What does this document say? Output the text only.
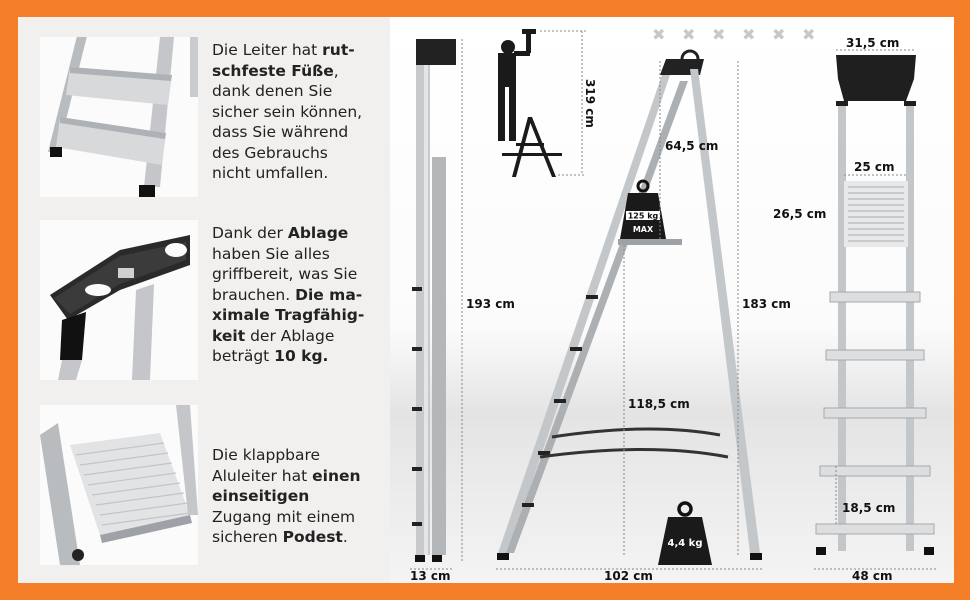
Die Leiter hat rut-
schfeste Füße,
dank denen Sie
sicher sein können,
dass Sie während
des Gebrauchs
nicht umfallen.
Dank der Ablage
haben Sie alles
griffbereit, was Sie
brauchen. Die ma-
ximale Tragfähig-
keit der Ablage
beträgt 10 kg.
Die klappbare
Aluleiter hat einen
einseitigen
Zugang mit einem
sicheren Podest.
✖ ✖ ✖ ✖ ✖ ✖
193 cm
13 cm
319 cm
125 kg
MAX
64,5 cm
118,5 cm
183 cm
102 cm
4,4 kg
31,5 cm
25 cm
26,5 cm
18,5 cm
48 cm
